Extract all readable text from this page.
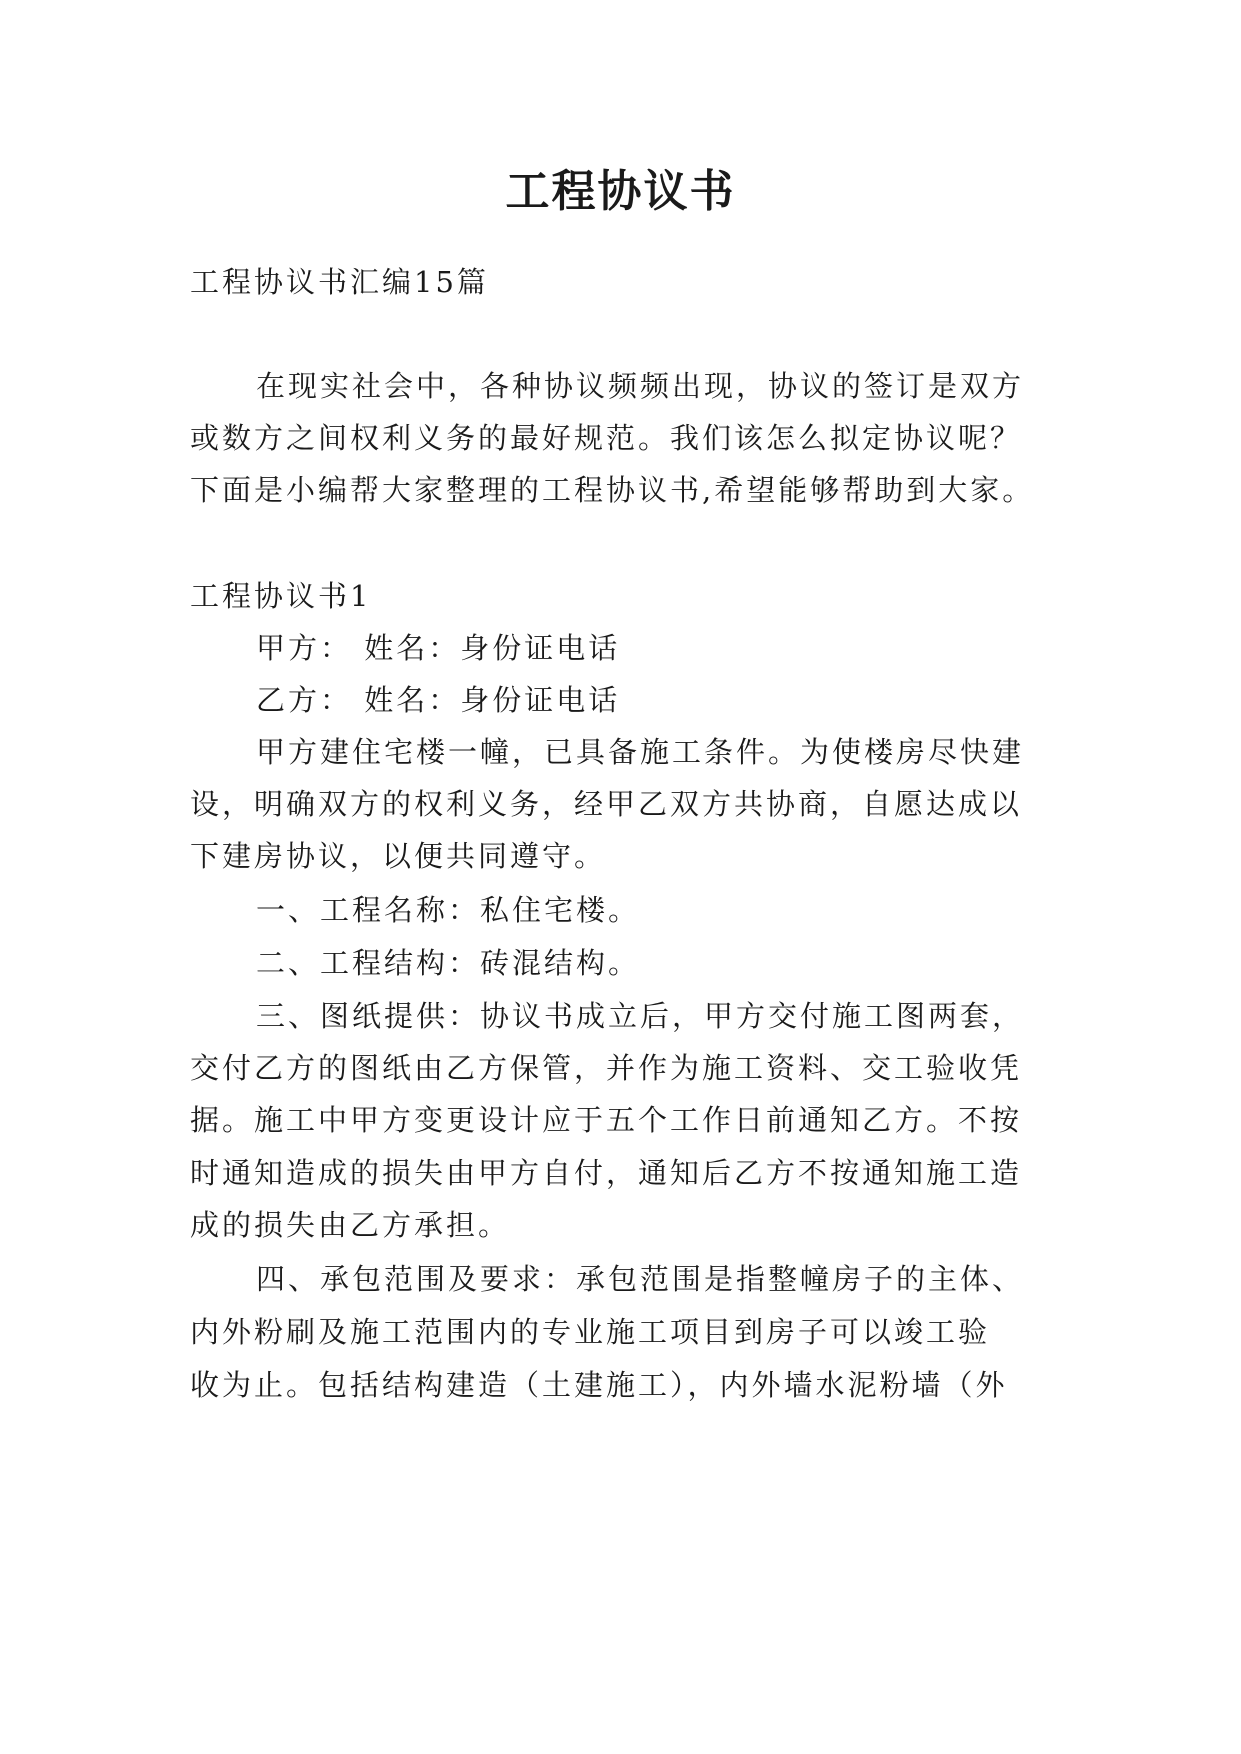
工程协议书

工程协议书汇编15篇

在现实社会中，各种协议频频出现，协议的签订是双方

或数方之间权利义务的最好规范。我们该怎么拟定协议呢？

下面是小编帮大家整理的工程协议书,希望能够帮助到大家。

工程协议书1

甲方： 姓名：身份证电话

乙方： 姓名：身份证电话

甲方建住宅楼一幢，已具备施工条件。为使楼房尽快建

设，明确双方的权利义务，经甲乙双方共协商，自愿达成以

下建房协议，以便共同遵守。

一、工程名称：私住宅楼。

二、工程结构：砖混结构。

三、图纸提供：协议书成立后，甲方交付施工图两套，

交付乙方的图纸由乙方保管，并作为施工资料、交工验收凭

据。施工中甲方变更设计应于五个工作日前通知乙方。不按

时通知造成的损失由甲方自付，通知后乙方不按通知施工造

成的损失由乙方承担。

四、承包范围及要求：承包范围是指整幢房子的主体、

内外粉刷及施工范围内的专业施工项目到房子可以竣工验

收为止。包括结构建造（土建施工），内外墙水泥粉墙（外
